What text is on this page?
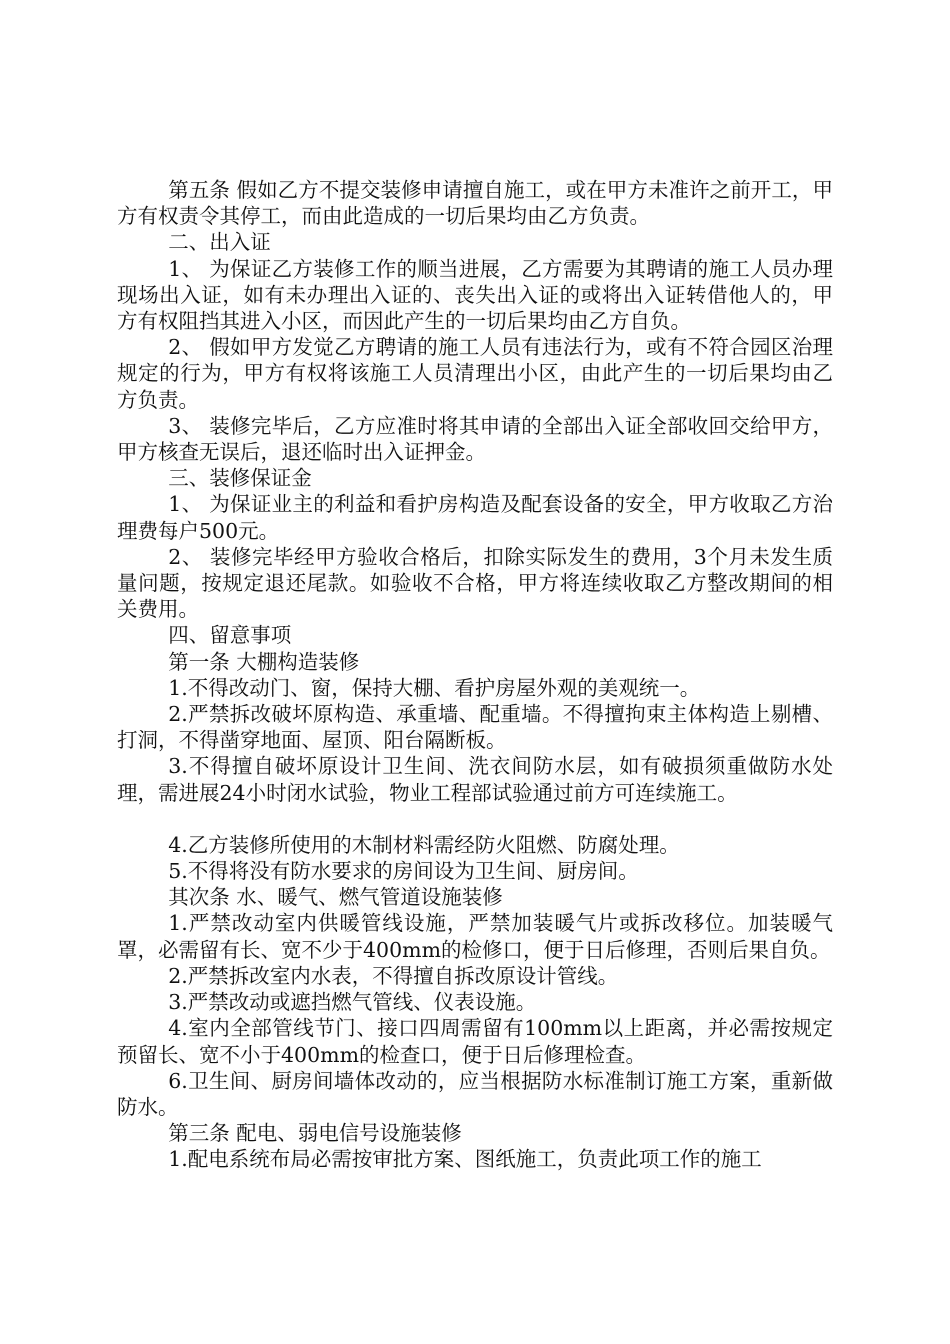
第五条 假如乙方不提交装修申请擅自施工，或在甲方未准许之前开工，甲方有权责令其停工，而由此造成的一切后果均由乙方负责。

二、出入证

1、 为保证乙方装修工作的顺当进展，乙方需要为其聘请的施工人员办理现场出入证，如有未办理出入证的、丧失出入证的或将出入证转借他人的，甲方有权阻挡其进入小区，而因此产生的一切后果均由乙方自负。

2、 假如甲方发觉乙方聘请的施工人员有违法行为，或有不符合园区治理规定的行为，甲方有权将该施工人员清理出小区，由此产生的一切后果均由乙方负责。

3、 装修完毕后，乙方应准时将其申请的全部出入证全部收回交给甲方，甲方核查无误后，退还临时出入证押金。

三、装修保证金

1、 为保证业主的利益和看护房构造及配套设备的安全，甲方收取乙方治理费每户500元。

2、 装修完毕经甲方验收合格后，扣除实际发生的费用，3个月未发生质量问题，按规定退还尾款。如验收不合格，甲方将连续收取乙方整改期间的相关费用。

四、留意事项

第一条 大棚构造装修

1.不得改动门、窗，保持大棚、看护房屋外观的美观统一。

2.严禁拆改破坏原构造、承重墙、配重墙。不得擅拘束主体构造上剔槽、打洞，不得凿穿地面、屋顶、阳台隔断板。

3.不得擅自破坏原设计卫生间、洗衣间防水层，如有破损须重做防水处理，需进展24小时闭水试验，物业工程部试验通过前方可连续施工。

4.乙方装修所使用的木制材料需经防火阻燃、防腐处理。

5.不得将没有防水要求的房间设为卫生间、厨房间。

其次条 水、暖气、燃气管道设施装修

1.严禁改动室内供暖管线设施，严禁加装暖气片或拆改移位。加装暖气罩，必需留有长、宽不少于400mm的检修口，便于日后修理，否则后果自负。

2.严禁拆改室内水表，不得擅自拆改原设计管线。

3.严禁改动或遮挡燃气管线、仪表设施。

4.室内全部管线节门、接口四周需留有100mm以上距离，并必需按规定预留长、宽不小于400mm的检查口，便于日后修理检查。

6.卫生间、厨房间墙体改动的，应当根据防水标准制订施工方案，重新做防水。

第三条 配电、弱电信号设施装修

1.配电系统布局必需按审批方案、图纸施工，负责此项工作的施工
